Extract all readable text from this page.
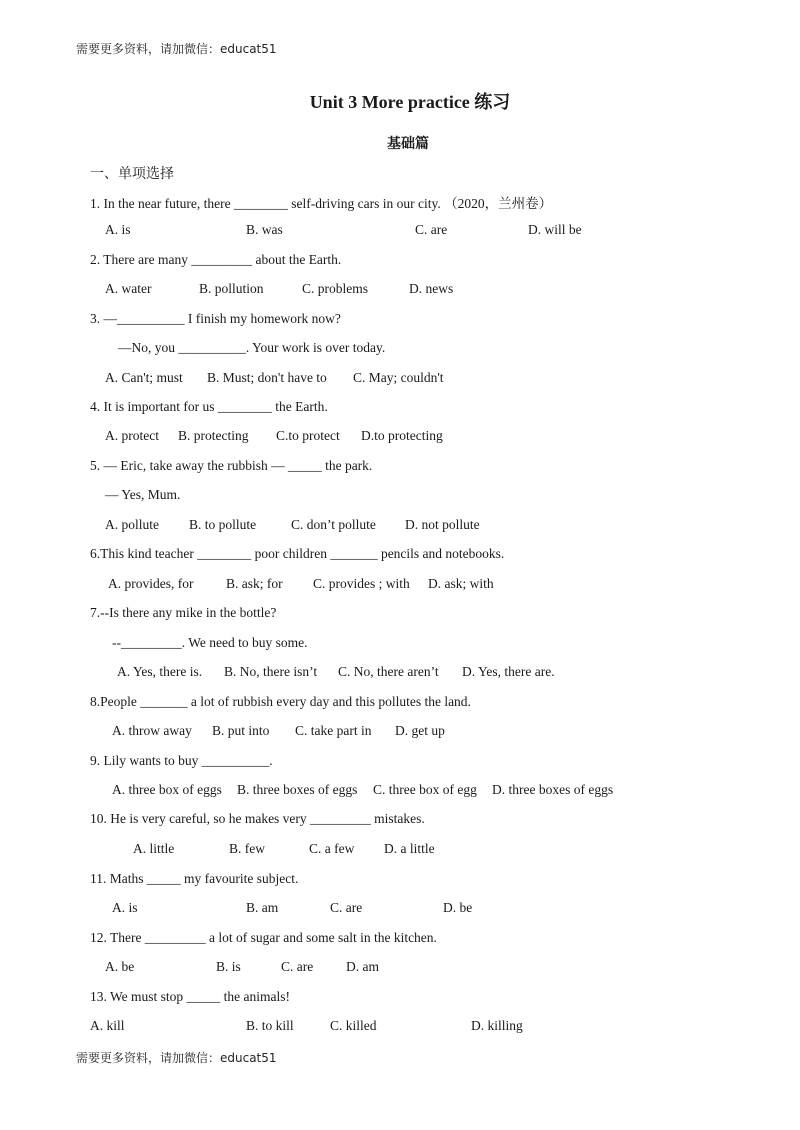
需要更多资料，请加微信：educat51
Unit 3 More practice 练习
基础篇
一、单项选择
1. In the near future, there ________ self-driving cars in our city. （2020，兰州卷）
A. is	B. was	C. are	D. will be
2. There are many _________ about the Earth.
A. water	B. pollution	C. problems	D. news
3. —__________ I finish my homework now?
—No, you __________. Your work is over today.
A. Can't; must B. Must; don't have to C. May; couldn't
4. It is important for us ________ the Earth.
A. protect B. protecting C.to protect D.to protecting
5. — Eric, take away the rubbish — _____ the park.
— Yes, Mum.
A. pollute B. to pollute	C. don’t pollute D. not pollute
6.This kind teacher ________ poor children _______ pencils and notebooks.
A. provides, for B. ask; for C. provides ; with D. ask; with
7.--Is there any mike in the bottle?
--_________. We need to buy some.
A. Yes, there is. B. No, there isn’t C. No, there aren’t D. Yes, there are.
8.People _______ a lot of rubbish every day and this pollutes the land.
A. throw away B. put into C. take part in D. get up
9. Lily wants to buy __________.
A. three box of eggs B. three boxes of eggs C. three box of egg D. three boxes of eggs
10. He is very careful, so he makes very _________ mistakes.
A. little	B. few	C. a few D. a little
11. Maths _____ my favourite subject.
A. is	B. am	C. are	D. be
12. There _________ a lot of sugar and some salt in the kitchen.
A. be	B. is	C. are D. am
13. We must stop _____ the animals!
A. kill	B. to kill	C. killed	D. killing
需要更多资料，请加微信：educat51
